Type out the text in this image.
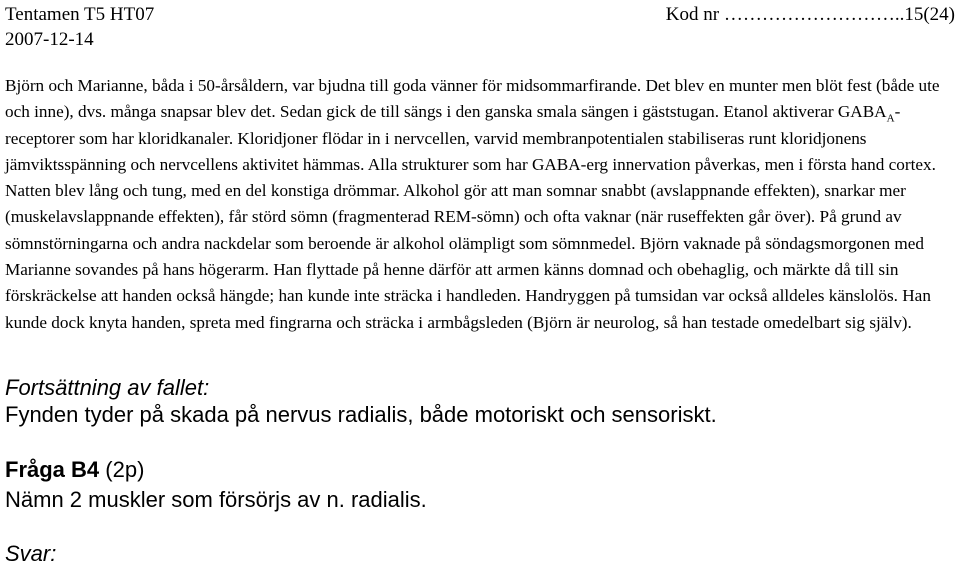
Tentamen T5 HT07	Kod nr ………………………..15(24)
2007-12-14

Björn och Marianne, båda i 50-årsåldern, var bjudna till goda vänner för midsommarfirande. Det blev en munter men blöt fest (både ute och inne), dvs. många snapsar blev det. Sedan gick de till sängs i den ganska smala sängen i gäststugan. Etanol aktiverar $GABA_A$-receptorer som har kloridkanaler. Kloridjoner flödar in i nervcellen, varvid membranpotentialen stabiliseras runt kloridjonens jämviktsspänning och nervcellens aktivitet hämmas. Alla strukturer som har GABA-erg innervation påverkas, men i första hand cortex. Natten blev lång och tung, med en del konstiga drömmar. Alkohol gör att man somnar snabbt (avslappnande effekten), snarkar mer (muskelavslappnande effekten), får störd sömn (fragmenterad REM-sömn) och ofta vaknar (när ruseffekten går över). På grund av sömnstörningarna och andra nackdelar som beroende är alkohol olämpligt som sömnmedel. Björn vaknade på söndagsmorgonen med Marianne sovandes på hans högerarm. Han flyttade på henne därför att armen känns domnad och obehaglig, och märkte då till sin förskräckelse att handen också hängde; han kunde inte sträcka i handleden. Handryggen på tumsidan var också alldeles känslolös. Han kunde dock knyta handen, spreta med fingrarna och sträcka i armbågsleden (Björn är neurolog, så han testade omedelbart sig själv).

Fortsättning av fallet:
Fynden tyder på skada på nervus radialis, både motoriskt och sensoriskt.
Fråga B4 (2p)
Nämn 2 muskler som försörjs av n. radialis.
Svar:
